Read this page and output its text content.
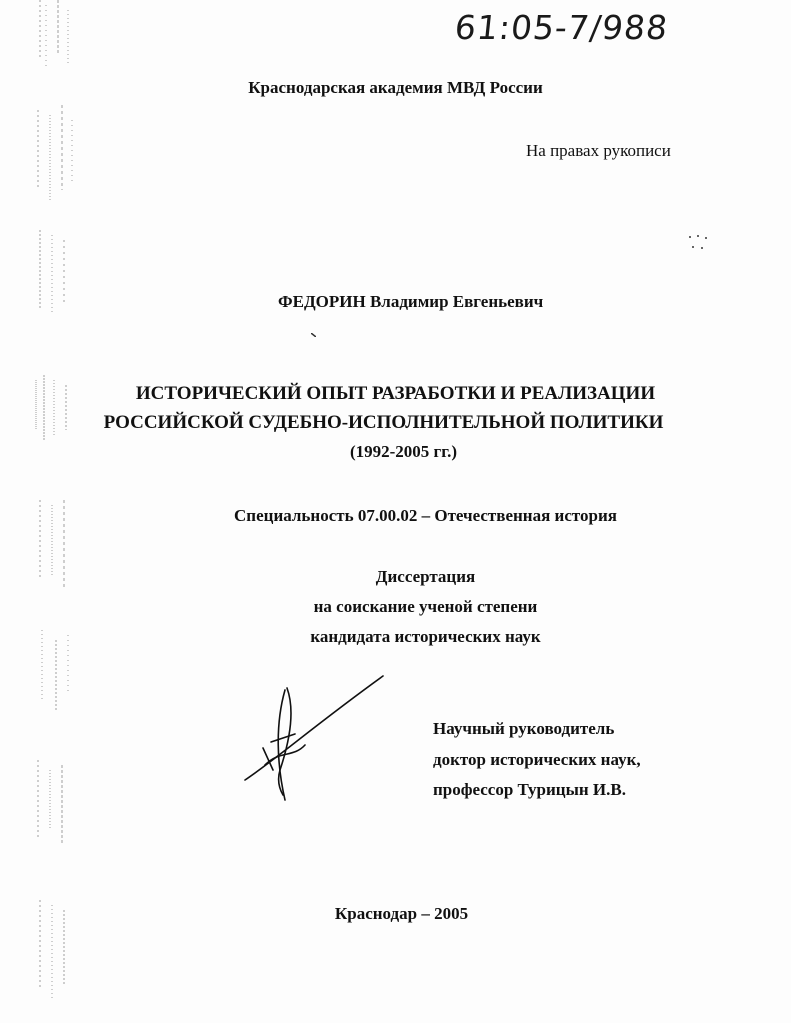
61:05-7/988
Краснодарская академия МВД России
На правах рукописи
ФЕДОРИН Владимир Евгеньевич
ИСТОРИЧЕСКИЙ ОПЫТ РАЗРАБОТКИ И РЕАЛИЗАЦИИ
РОССИЙСКОЙ СУДЕБНО-ИСПОЛНИТЕЛЬНОЙ ПОЛИТИКИ
(1992-2005 гг.)
Специальность 07.00.02 – Отечественная история
Диссертация
на соискание ученой степени
кандидата исторических наук
Научный руководитель
доктор исторических наук,
профессор Турицын И.В.
Краснодар – 2005
